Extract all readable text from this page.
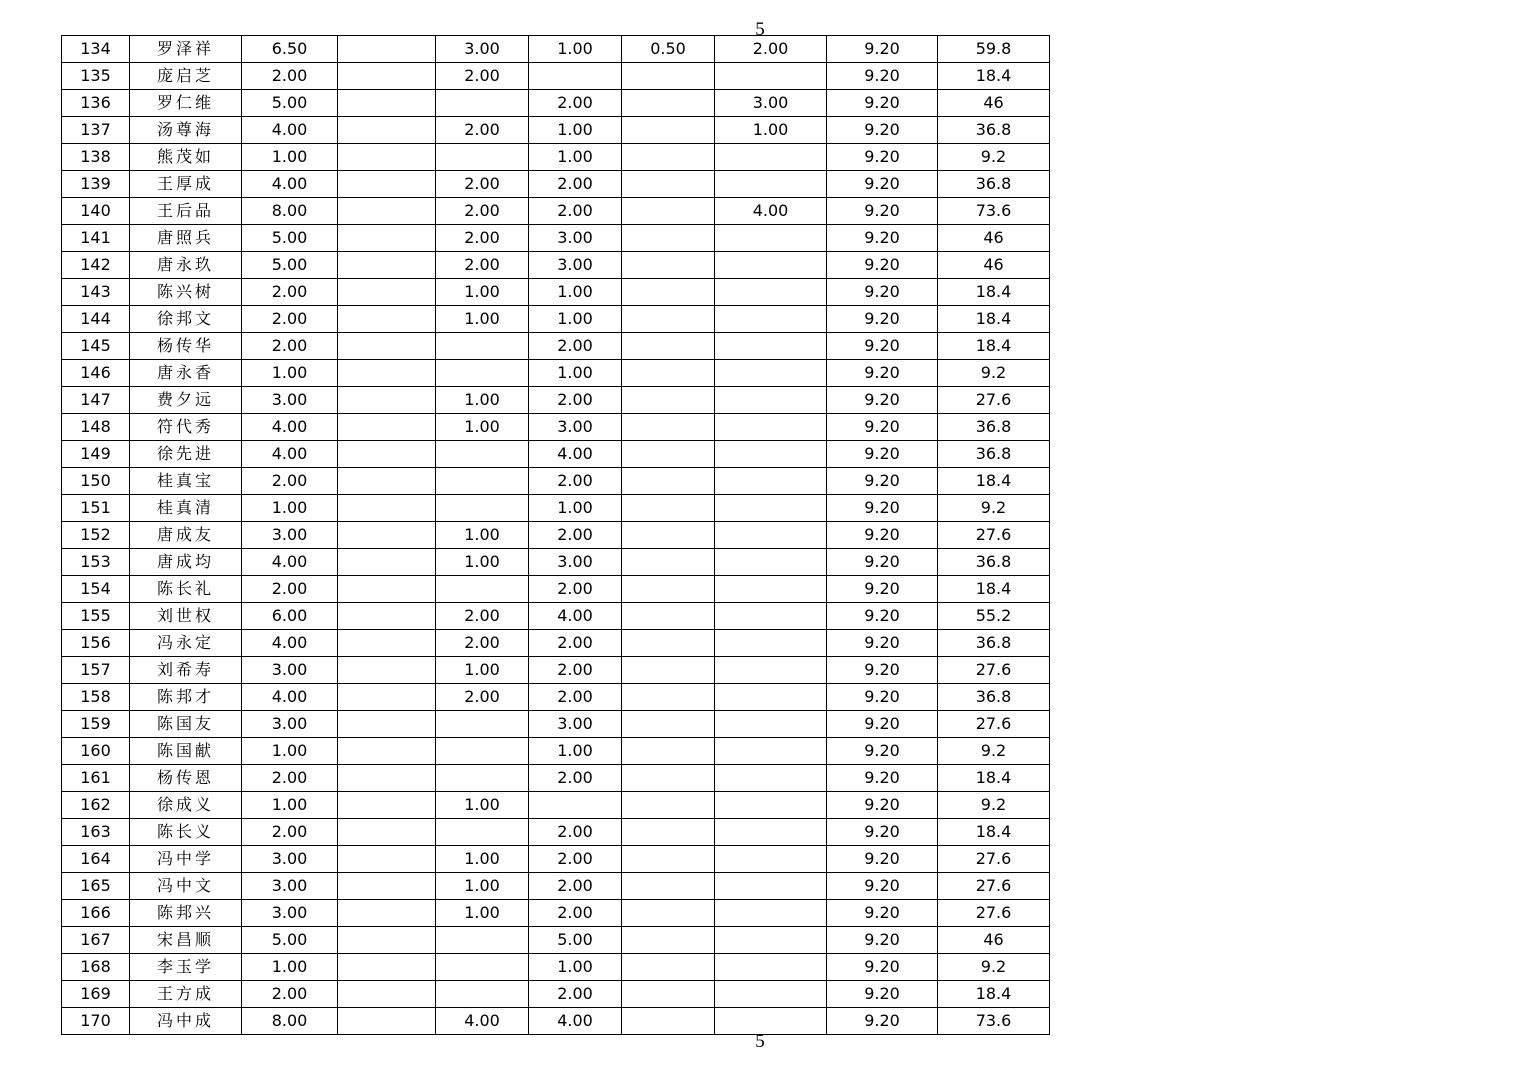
5
134	罗泽祥	6.50		3.00	1.00	0.50	2.00	9.20	59.8
135	庞启芝	2.00		2.00				9.20	18.4
136	罗仁维	5.00			2.00		3.00	9.20	46
137	汤尊海	4.00		2.00	1.00		1.00	9.20	36.8
138	熊茂如	1.00			1.00			9.20	9.2
139	王厚成	4.00		2.00	2.00			9.20	36.8
140	王后品	8.00		2.00	2.00		4.00	9.20	73.6
141	唐照兵	5.00		2.00	3.00			9.20	46
142	唐永玖	5.00		2.00	3.00			9.20	46
143	陈兴树	2.00		1.00	1.00			9.20	18.4
144	徐邦文	2.00		1.00	1.00			9.20	18.4
145	杨传华	2.00			2.00			9.20	18.4
146	唐永香	1.00			1.00			9.20	9.2
147	费夕远	3.00		1.00	2.00			9.20	27.6
148	符代秀	4.00		1.00	3.00			9.20	36.8
149	徐先进	4.00			4.00			9.20	36.8
150	桂真宝	2.00			2.00			9.20	18.4
151	桂真清	1.00			1.00			9.20	9.2
152	唐成友	3.00		1.00	2.00			9.20	27.6
153	唐成均	4.00		1.00	3.00			9.20	36.8
154	陈长礼	2.00			2.00			9.20	18.4
155	刘世权	6.00		2.00	4.00			9.20	55.2
156	冯永定	4.00		2.00	2.00			9.20	36.8
157	刘希寿	3.00		1.00	2.00			9.20	27.6
158	陈邦才	4.00		2.00	2.00			9.20	36.8
159	陈国友	3.00			3.00			9.20	27.6
160	陈国献	1.00			1.00			9.20	9.2
161	杨传恩	2.00			2.00			9.20	18.4
162	徐成义	1.00		1.00				9.20	9.2
163	陈长义	2.00			2.00			9.20	18.4
164	冯中学	3.00		1.00	2.00			9.20	27.6
165	冯中文	3.00		1.00	2.00			9.20	27.6
166	陈邦兴	3.00		1.00	2.00			9.20	27.6
167	宋昌顺	5.00			5.00			9.20	46
168	李玉学	1.00			1.00			9.20	9.2
169	王方成	2.00			2.00			9.20	18.4
170	冯中成	8.00		4.00	4.00			9.20	73.6
5
